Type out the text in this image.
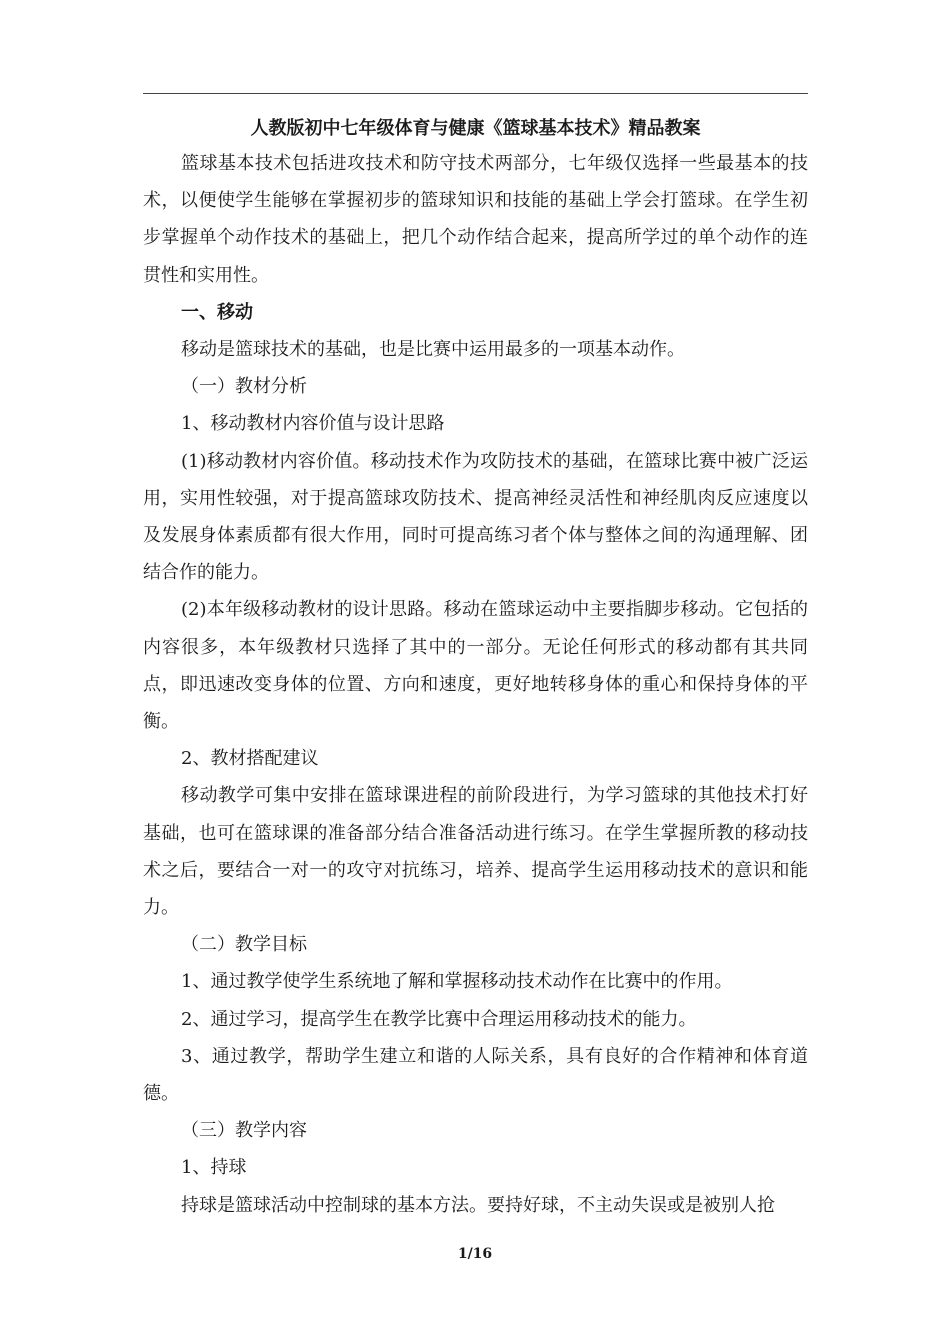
人教版初中七年级体育与健康《篮球基本技术》精品教案

篮球基本技术包括进攻技术和防守技术两部分，七年级仅选择一些最基本的技术，以便使学生能够在掌握初步的篮球知识和技能的基础上学会打篮球。在学生初步掌握单个动作技术的基础上，把几个动作结合起来，提高所学过的单个动作的连贯性和实用性。

一、移动

移动是篮球技术的基础，也是比赛中运用最多的一项基本动作。

（一）教材分析

1、移动教材内容价值与设计思路

(1)移动教材内容价值。移动技术作为攻防技术的基础，在篮球比赛中被广泛运用，实用性较强，对于提高篮球攻防技术、提高神经灵活性和神经肌肉反应速度以及发展身体素质都有很大作用，同时可提高练习者个体与整体之间的沟通理解、团结合作的能力。

(2)本年级移动教材的设计思路。移动在篮球运动中主要指脚步移动。它包括的内容很多，本年级教材只选择了其中的一部分。无论任何形式的移动都有其共同点，即迅速改变身体的位置、方向和速度，更好地转移身体的重心和保持身体的平衡。

2、教材搭配建议

移动教学可集中安排在篮球课进程的前阶段进行，为学习篮球的其他技术打好基础，也可在篮球课的准备部分结合准备活动进行练习。在学生掌握所教的移动技术之后，要结合一对一的攻守对抗练习，培养、提高学生运用移动技术的意识和能力。

（二）教学目标

1、通过教学使学生系统地了解和掌握移动技术动作在比赛中的作用。

2、通过学习，提高学生在教学比赛中合理运用移动技术的能力。

3、通过教学，帮助学生建立和谐的人际关系，具有良好的合作精神和体育道德。

（三）教学内容

1、持球

持球是篮球活动中控制球的基本方法。要持好球，不主动失误或是被别人抢

1/16
